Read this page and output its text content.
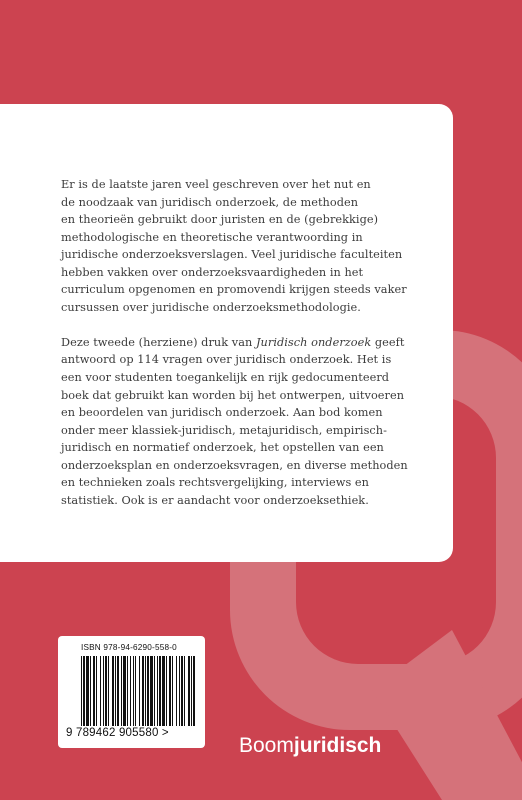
Er is de laatste jaren veel geschreven over het nut en
de noodzaak van juridisch onderzoek, de methoden
en theorieën gebruikt door juristen en de (gebrekkige)
methodologische en theoretische verantwoording in
juridische onderzoeksverslagen. Veel juridische faculteiten
hebben vakken over onderzoeksvaardigheden in het
curriculum opgenomen en promovendi krijgen steeds vaker
cursussen over juridische onderzoeksmethodologie.

Deze tweede (herziene) druk van Juridisch onderzoek geeft
antwoord op 114 vragen over juridisch onderzoek. Het is
een voor studenten toegankelijk en rijk gedocumenteerd
boek dat gebruikt kan worden bij het ontwerpen, uitvoeren
en beoordelen van juridisch onderzoek. Aan bod komen
onder meer klassiek-juridisch, metajuridisch, empirisch-
juridisch en normatief onderzoek, het opstellen van een
onderzoeksplan en onderzoeksvragen, en diverse methoden
en technieken zoals rechtsvergelijking, interviews en
statistiek. Ook is er aandacht voor onderzoeksethiek.

ISBN 978-94-6290-558-0
9 789462 905580 >
Boomjuridisch
